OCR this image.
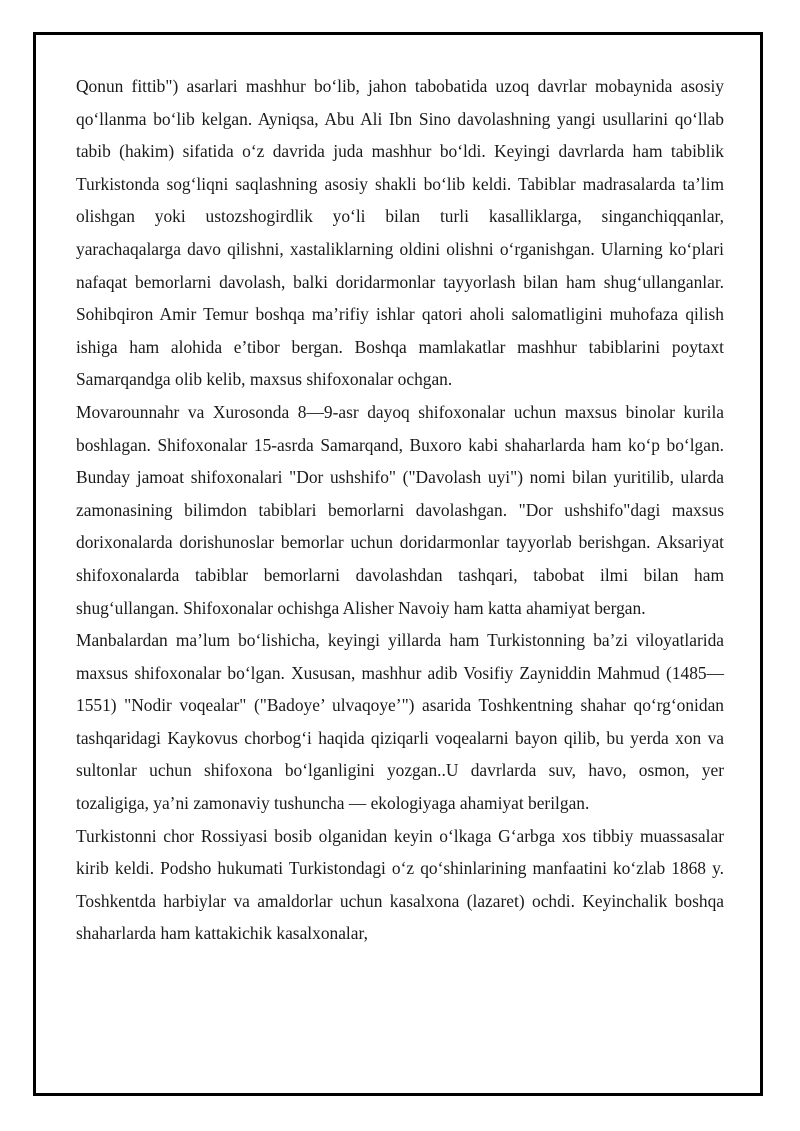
Qonun fittib") asarlari mashhur bo‘lib, jahon tabobatida uzoq davrlar mobaynida asosiy qo‘llanma bo‘lib kelgan. Ayniqsa, Abu Ali Ibn Sino davolashning yangi usullarini qo‘llab tabib (hakim) sifatida o‘z davrida juda mashhur bo‘ldi. Keyingi davrlarda ham tabiblik Turkistonda sog‘liqni saqlashning asosiy shakli bo‘lib keldi. Tabiblar madrasalarda ta’lim olishgan yoki ustozshogirdlik yo‘li bilan turli kasalliklarga, singanchiqqanlar, yarachaqalarga davo qilishni, xastaliklarning oldini olishni o‘rganishgan. Ularning ko‘plari nafaqat bemorlarni davolash, balki doridarmonlar tayyorlash bilan ham shug‘ullanganlar. Sohibqiron Amir Temur boshqa ma’rifiy ishlar qatori aholi salomatligini muhofaza qilish ishiga ham alohida e’tibor bergan. Boshqa mamlakatlar mashhur tabiblarini poytaxt Samarqandga olib kelib, maxsus shifoxonalar ochgan.

Movarounnahr va Xurosonda 8—9-asr dayoq shifoxonalar uchun maxsus binolar kurila boshlagan. Shifoxonalar 15-asrda Samarqand, Buxoro kabi shaharlarda ham ko‘p bo‘lgan. Bunday jamoat shifoxonalari "Dor ushshifo" ("Davolash uyi") nomi bilan yuritilib, ularda zamonasining bilimdon tabiblari bemorlarni davolashgan. "Dor ushshifo"dagi maxsus dorixonalarda dorishunoslar bemorlar uchun doridarmonlar tayyorlab berishgan. Aksariyat shifoxonalarda tabiblar bemorlarni davolashdan tashqari, tabobat ilmi bilan ham shug‘ullangan. Shifoxonalar ochishga Alisher Navoiy ham katta ahamiyat bergan.

Manbalardan ma’lum bo‘lishicha, keyingi yillarda ham Turkistonning ba’zi viloyatlarida maxsus shifoxonalar bo‘lgan. Xususan, mashhur adib Vosifiy Zayniddin Mahmud (1485— 1551) "Nodir voqealar" ("Badoye’ ulvaqoye’") asarida Toshkentning shahar qo‘rg‘onidan tashqaridagi Kaykovus chorbog‘i haqida qiziqarli voqealarni bayon qilib, bu yerda xon va sultonlar uchun shifoxona bo‘lganligini yozgan..U davrlarda suv, havo, osmon, yer tozaligiga, ya’ni zamonaviy tushuncha — ekologiyaga ahamiyat berilgan.

Turkistonni chor Rossiyasi bosib olganidan keyin o‘lkaga G‘arbga xos tibbiy muassasalar kirib keldi. Podsho hukumati Turkistondagi o‘z qo‘shinlarining manfaatini ko‘zlab 1868 y. Toshkentda harbiylar va amaldorlar uchun kasalxona (lazaret) ochdi. Keyinchalik boshqa shaharlarda ham kattakichik kasalxonalar,
